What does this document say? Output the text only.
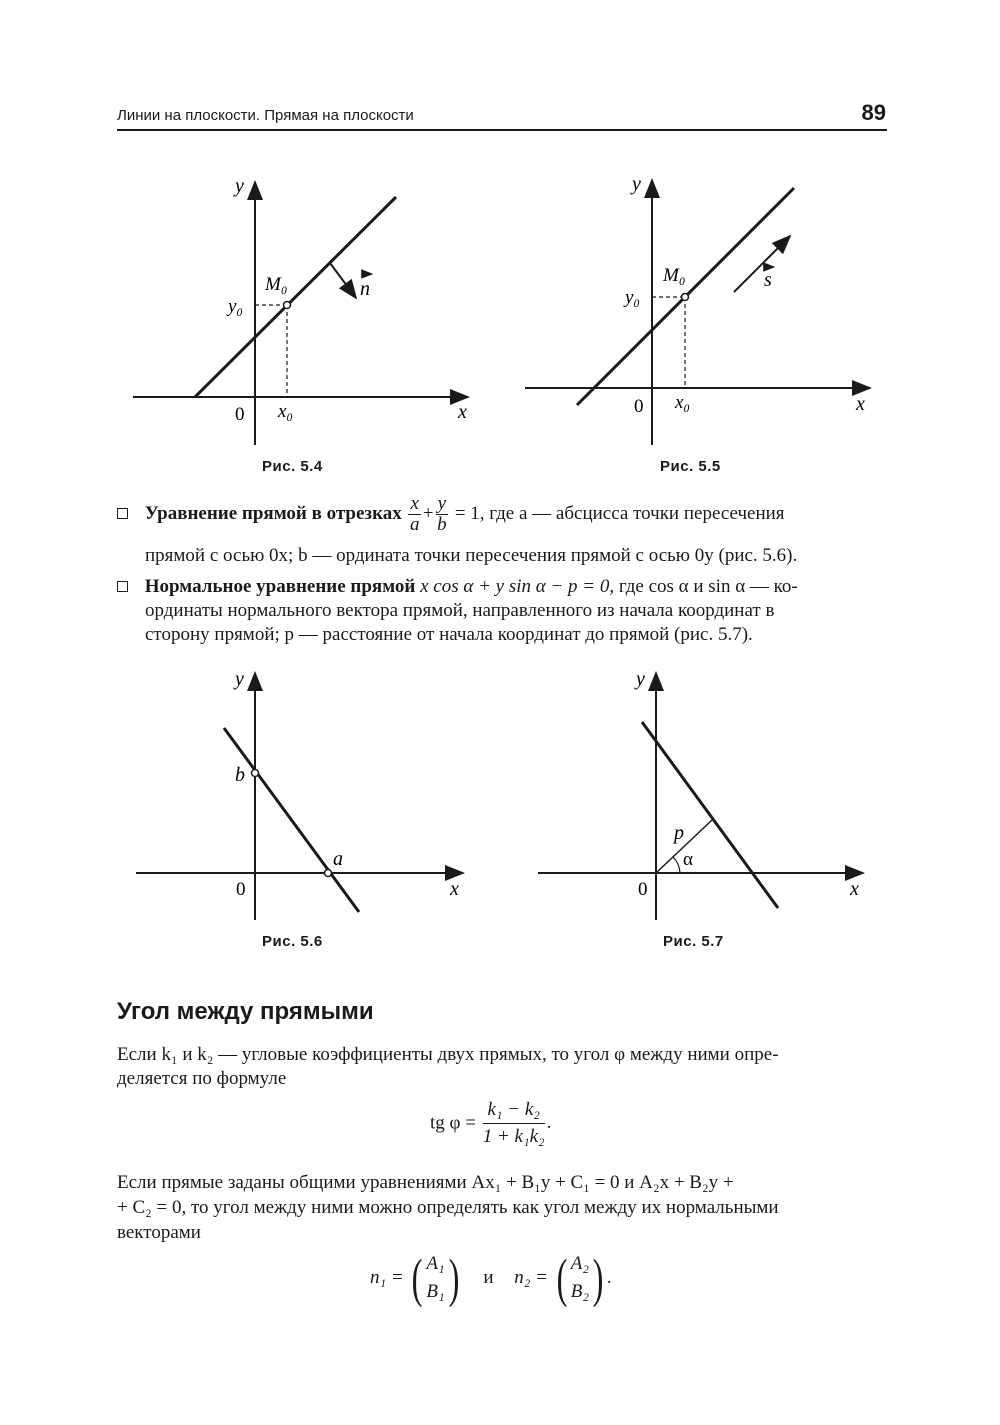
Линии на плоскости. Прямая на плоскости	89
y
x
0 x₀
y₀
M₀	n
Рис. 5.4
y
x
0 x₀
y₀
M₀	s
Рис. 5.5
Уравнение прямой в отрезках $\frac{x}{a} + \frac{y}{b} = 1$, где a — абсцисса точки пересечения
прямой с осью 0x; b — ордината точки пересечения прямой с осью 0y (рис. 5.6).
Нормальное уравнение прямой x cos α + y sin α − p = 0, где cos α и sin α — ко-
ординаты нормального вектора прямой, направленного из начала координат в
сторону прямой; p — расстояние от начала координат до прямой (рис. 5.7).
y
x
0
b
a
Рис. 5.6
y
x
0
p
α
Рис. 5.7
Угол между прямыми
Если k₁ и k₂ — угловые коэффициенты двух прямых, то угол φ между ними опре-
деляется по формуле
tg $\varphi = \frac{\text{k₁ − k₂}}{\text{1 + k₁k₂}}$ .
Если прямые заданы общими уравнениями Ax₁ + B₁y + C₁ = 0 и A₂x + B₂y +
+ C₂ = 0, то угол между ними можно определять как угол между их нормальными
векторами
n₁ = ( A₁
B₁ ) и n₂ = ( A₂
B₂ ) .
